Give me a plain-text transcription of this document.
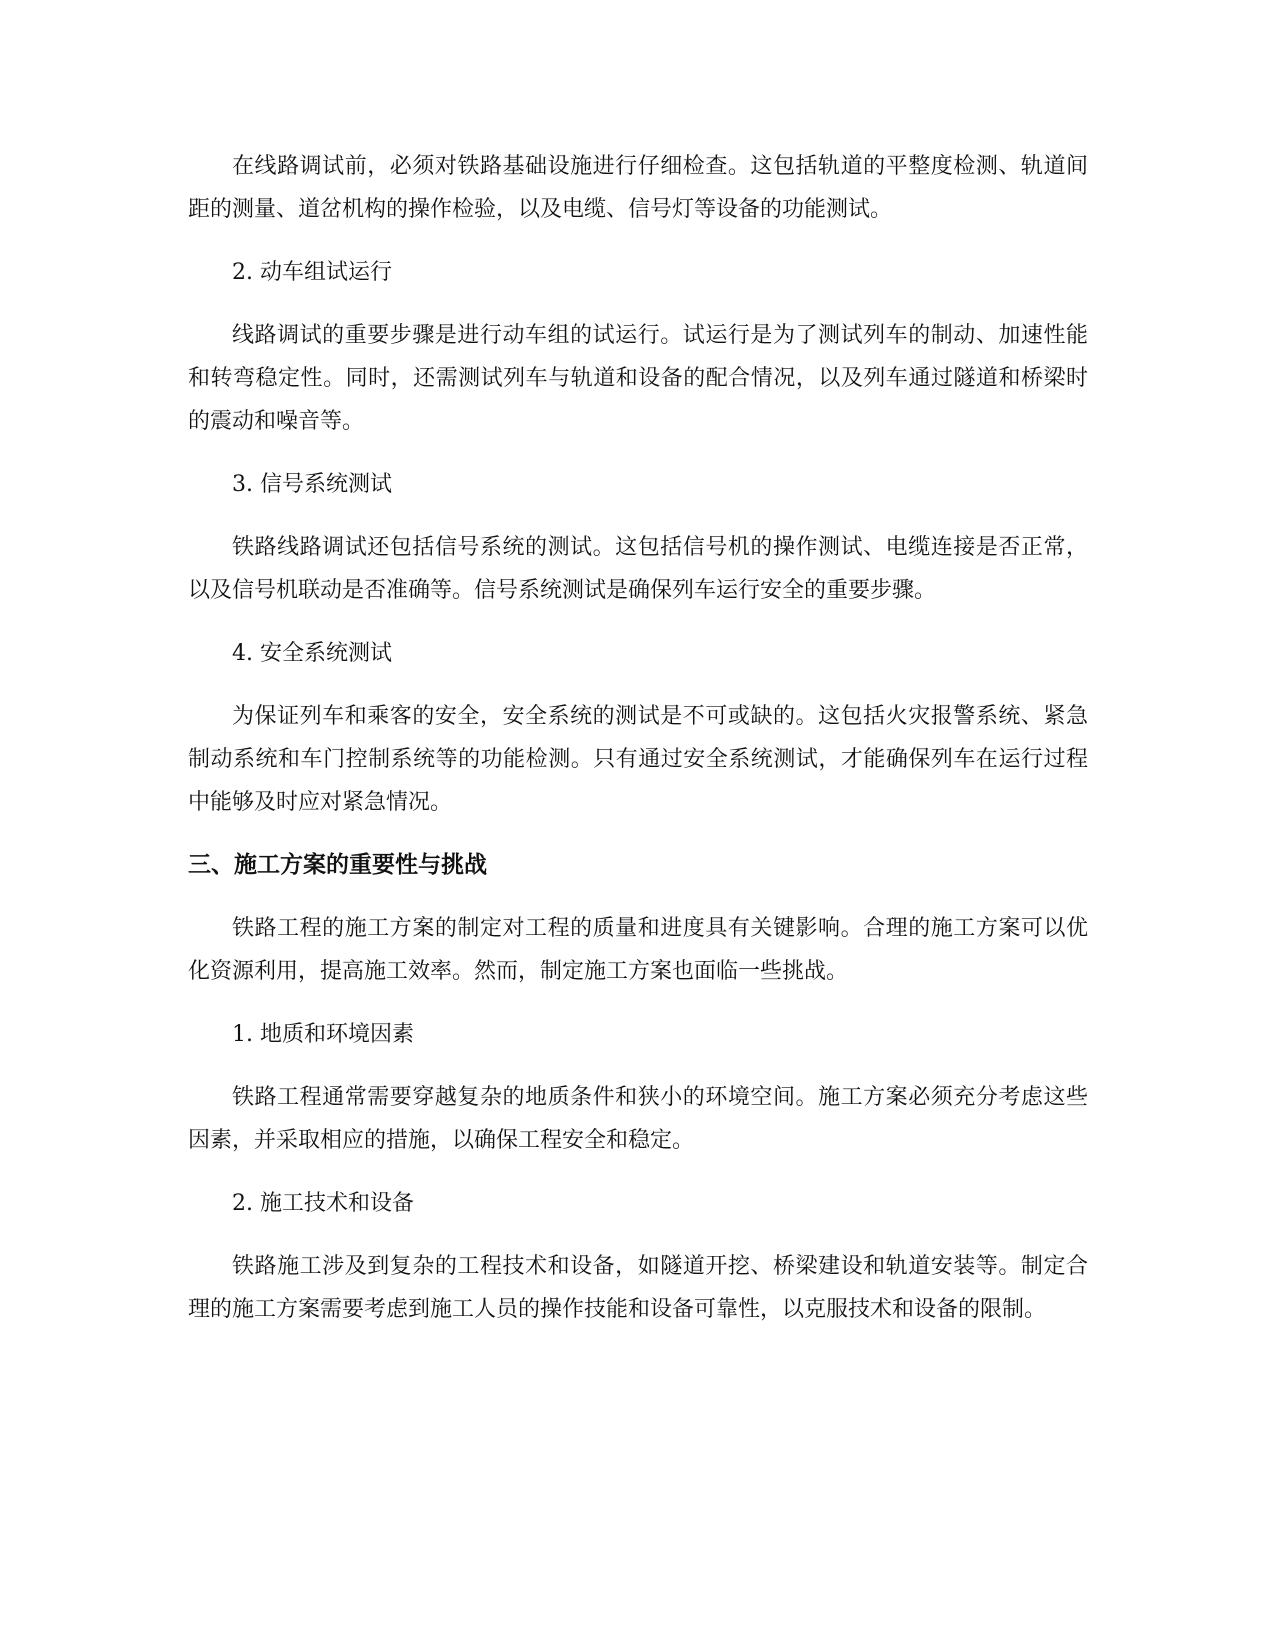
在线路调试前，必须对铁路基础设施进行仔细检查。这包括轨道的平整度检测、轨道间距的测量、道岔机构的操作检验，以及电缆、信号灯等设备的功能测试。

2. 动车组试运行

线路调试的重要步骤是进行动车组的试运行。试运行是为了测试列车的制动、加速性能和转弯稳定性。同时，还需测试列车与轨道和设备的配合情况，以及列车通过隧道和桥梁时的震动和噪音等。

3. 信号系统测试

铁路线路调试还包括信号系统的测试。这包括信号机的操作测试、电缆连接是否正常，以及信号机联动是否准确等。信号系统测试是确保列车运行安全的重要步骤。

4. 安全系统测试

为保证列车和乘客的安全，安全系统的测试是不可或缺的。这包括火灾报警系统、紧急制动系统和车门控制系统等的功能检测。只有通过安全系统测试，才能确保列车在运行过程中能够及时应对紧急情况。

三、施工方案的重要性与挑战

铁路工程的施工方案的制定对工程的质量和进度具有关键影响。合理的施工方案可以优化资源利用，提高施工效率。然而，制定施工方案也面临一些挑战。

1. 地质和环境因素

铁路工程通常需要穿越复杂的地质条件和狭小的环境空间。施工方案必须充分考虑这些因素，并采取相应的措施，以确保工程安全和稳定。

2. 施工技术和设备

铁路施工涉及到复杂的工程技术和设备，如隧道开挖、桥梁建设和轨道安装等。制定合理的施工方案需要考虑到施工人员的操作技能和设备可靠性，以克服技术和设备的限制。
